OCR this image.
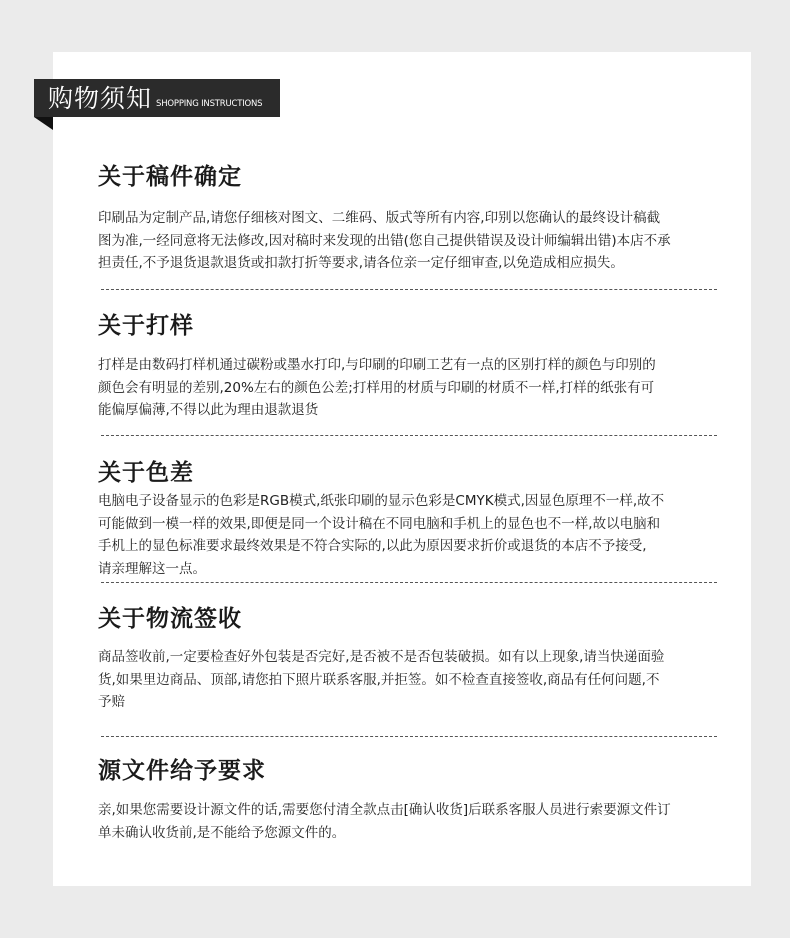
购物须知 SHOPPING INSTRUCTIONS
关于稿件确定
印刷品为定制产品,请您仔细核对图文、二维码、版式等所有内容,印别以您确认的最终设计稿截
图为准,一经同意将无法修改,因对稿时来发现的出错(您自己提供错误及设计师编辑出错)本店不承
担责任,不予退货退款退货或扣款打折等要求,请各位亲一定仔细审查,以免造成相应损失。
关于打样
打样是由数码打样机通过碳粉或墨水打印,与印刷的印刷工艺有一点的区别打样的颜色与印别的
颜色会有明显的差别,20%左右的颜色公差;打样用的材质与印刷的材质不一样,打样的纸张有可
能偏厚偏薄,不得以此为理由退款退货
关于色差
电脑电子设备显示的色彩是RGB模式,纸张印刷的显示色彩是CMYK模式,因显色原理不一样,故不
可能做到一模一样的效果,即便是同一个设计稿在不同电脑和手机上的显色也不一样,故以电脑和
手机上的显色标准要求最终效果是不符合实际的,以此为原因要求折价或退货的本店不予接受,
请亲理解这一点。
关于物流签收
商品签收前,一定要检查好外包装是否完好,是否被不是否包装破损。如有以上现象,请当快递面验
货,如果里边商品、顶部,请您拍下照片联系客服,并拒签。如不检查直接签收,商品有任何问题,不
予赔
源文件给予要求
亲,如果您需要设计源文件的话,需要您付清全款点击[确认收货]后联系客服人员进行索要源文件订
单未确认收货前,是不能给予您源文件的。
